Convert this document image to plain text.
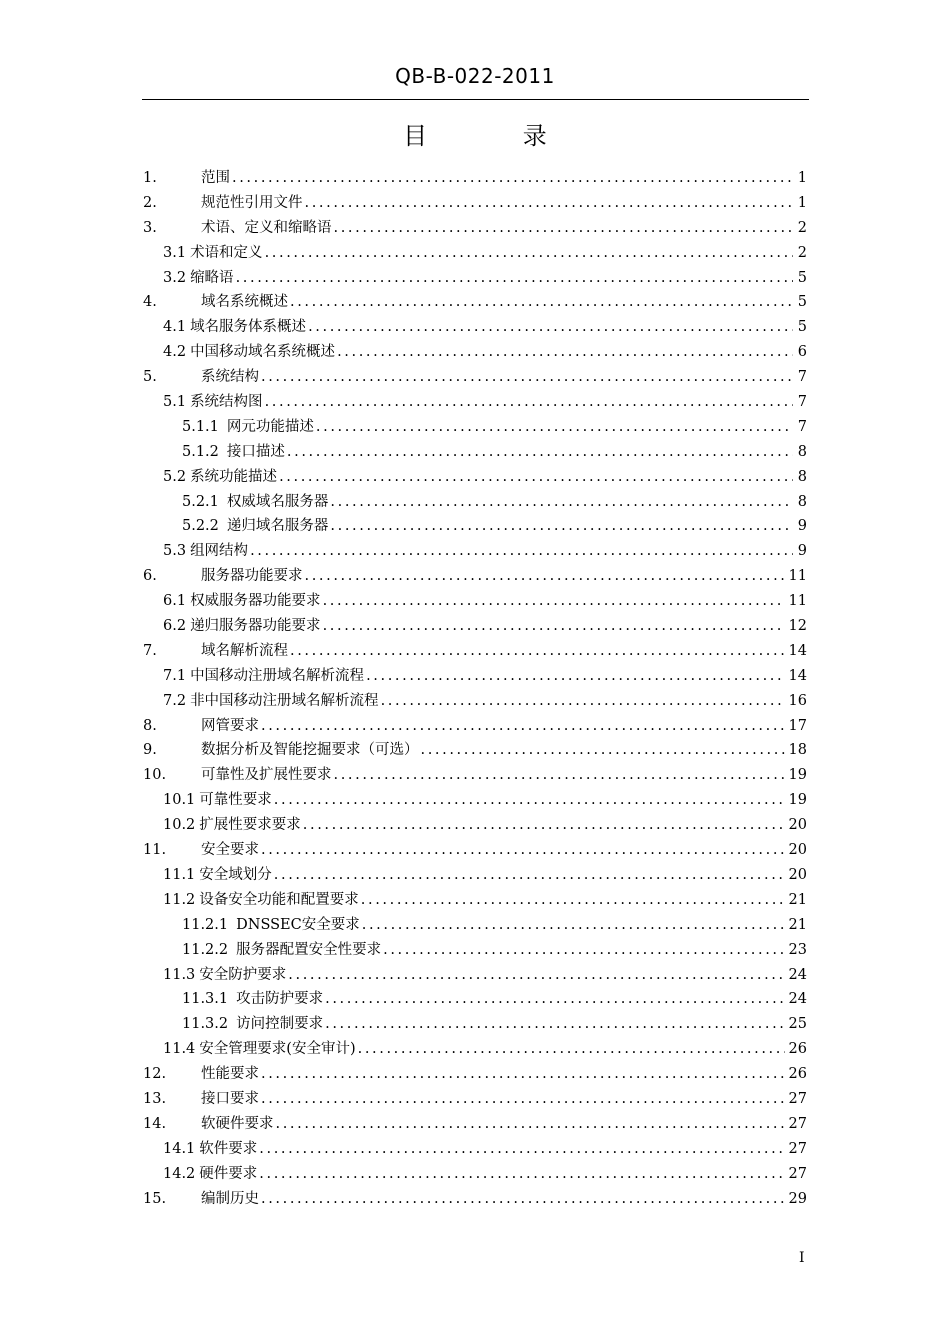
QB-B-022-2011
目 录
1.	范围 .....	1
2.	规范性引用文件 .....	1
3.	术语、定义和缩略语 .....	2
3.1 术语和定义 .....	2
3.2 缩略语 .....	5
4.	域名系统概述 .....	5
4.1 域名服务体系概述 .....	5
4.2 中国移动域名系统概述 .....	6
5.	系统结构 .....	7
5.1 系统结构图 .....	7
5.1.1 网元功能描述 .....	7
5.1.2 接口描述 .....	8
5.2 系统功能描述 .....	8
5.2.1 权威域名服务器 .....	8
5.2.2 递归域名服务器 .....	9
5.3 组网结构 .....	9
6.	服务器功能要求 .....	11
6.1 权威服务器功能要求 .....	11
6.2 递归服务器功能要求 .....	12
7.	域名解析流程 .....	14
7.1 中国移动注册域名解析流程 .....	14
7.2 非中国移动注册域名解析流程 .....	16
8.	网管要求 .....	17
9.	数据分析及智能挖掘要求（可选） .....	18
10.	可靠性及扩展性要求 .....	19
10.1 可靠性要求 .....	19
10.2 扩展性要求要求 .....	20
11.	安全要求 .....	20
11.1 安全域划分 .....	20
11.2 设备安全功能和配置要求 .....	21
11.2.1 DNSSEC安全要求 .....	21
11.2.2 服务器配置安全性要求 .....	23
11.3 安全防护要求 .....	24
11.3.1 攻击防护要求 .....	24
11.3.2 访问控制要求 .....	25
11.4 安全管理要求(安全审计) .....	26
12.	性能要求 .....	26
13.	接口要求 .....	27
14.	软硬件要求 .....	27
14.1 软件要求 .....	27
14.2 硬件要求 .....	27
15.	编制历史 .....	29
I
